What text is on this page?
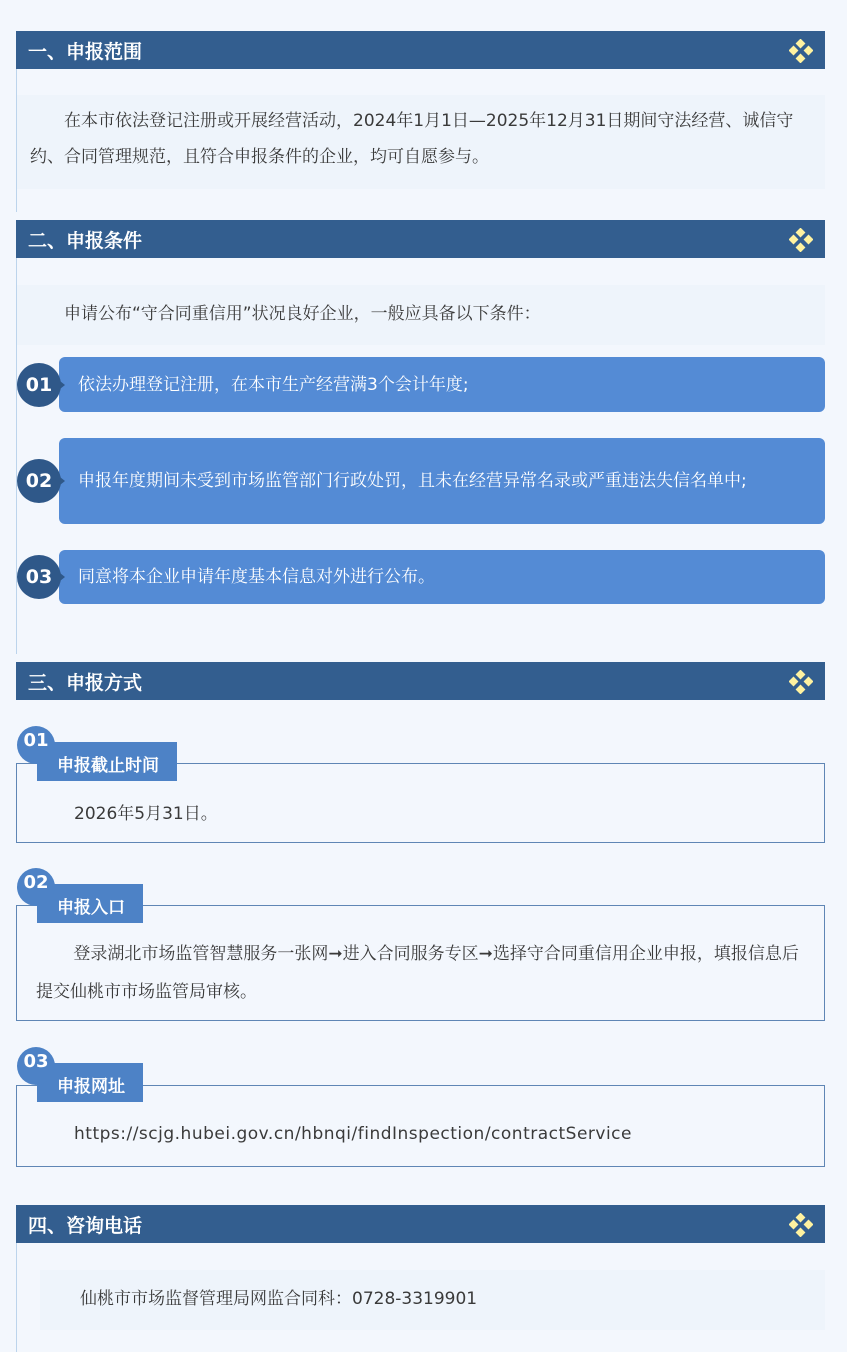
一、申报范围

在本市依法登记注册或开展经营活动，2024年1月1日—2025年12月31日期间守法经营、诚信守约、合同管理规范，且符合申报条件的企业，均可自愿参与。

二、申报条件

申请公布“守合同重信用”状况良好企业，一般应具备以下条件：

依法办理登记注册，在本市生产经营满3个会计年度;
01
申报年度期间未受到市场监管部门行政处罚，且未在经营异常名录或严重违法失信名单中;
02
同意将本企业申请年度基本信息对外进行公布。
03
三、申报方式
申报截止时间
01

2026年5月31日。

申报入口
02

登录湖北市场监管智慧服务一张网➞进入合同服务专区➞选择守合同重信用企业申报，填报信息后提交仙桃市市场监管局审核。

申报网址
03

https://scjg.hubei.gov.cn/hbnqi/findInspection/contractService

四、咨询电话

仙桃市市场监督管理局网监合同科：0728-3319901
